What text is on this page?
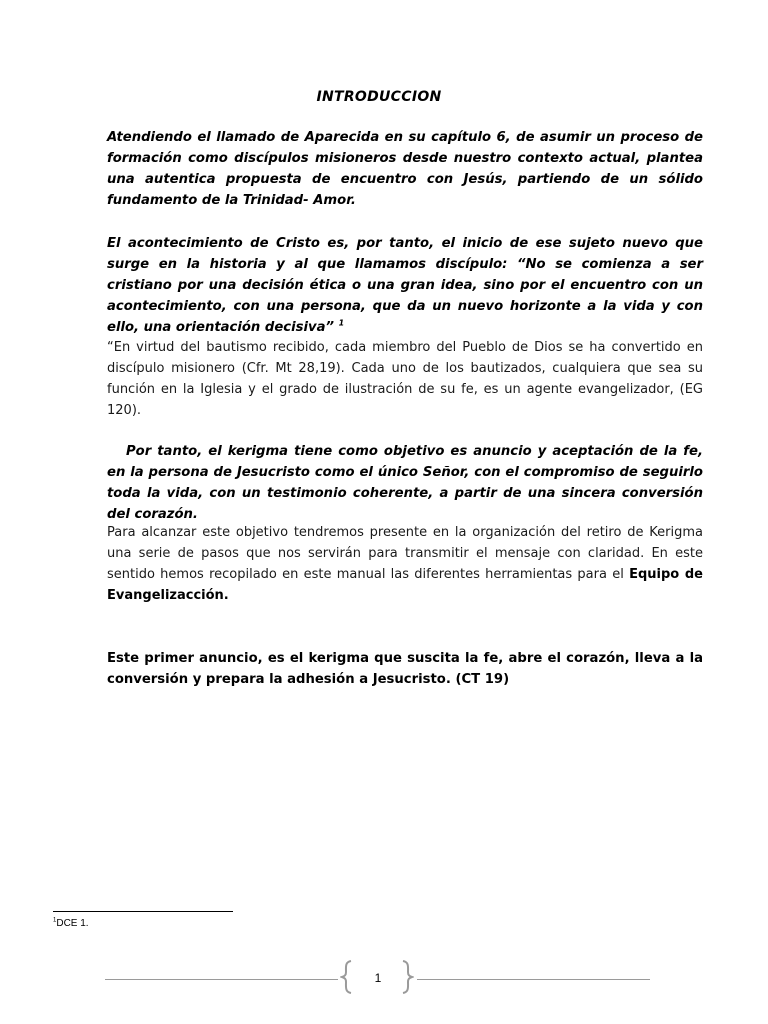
INTRODUCCION

Atendiendo el llamado de Aparecida en su capítulo 6, de asumir un proceso de formación como discípulos misioneros desde nuestro contexto actual, plantea una autentica propuesta de encuentro con Jesús, partiendo de un sólido fundamento de la Trinidad- Amor.

El acontecimiento de Cristo es, por tanto, el inicio de ese sujeto nuevo que surge en la historia y al que llamamos discípulo: “No se comienza a ser cristiano por una decisión ética o una gran idea, sino por el encuentro con un acontecimiento, con una persona, que da un nuevo horizonte a la vida y con ello, una orientación decisiva” $^1$

“En virtud del bautismo recibido, cada miembro del Pueblo de Dios se ha convertido en discípulo misionero (Cfr. Mt 28,19). Cada uno de los bautizados, cualquiera que sea su función en la Iglesia y el grado de ilustración de su fe, es un agente evangelizador, (EG 120).

Por tanto, el kerigma tiene como objetivo es anuncio y aceptación de la fe, en la persona de Jesucristo como el único Señor, con el compromiso de seguirlo toda la vida, con un testimonio coherente, a partir de una sincera conversión del corazón.

Para alcanzar este objetivo tendremos presente en la organización del retiro de Kerigma una serie de pasos que nos servirán para transmitir el mensaje con claridad. En este sentido hemos recopilado en este manual las diferentes herramientas para el Equipo de Evangelizacción.

Este primer anuncio, es el kerigma que suscita la fe, abre el corazón, lleva a la conversión y prepara la adhesión a Jesucristo. (CT 19)

$^1$DCE 1.
1
